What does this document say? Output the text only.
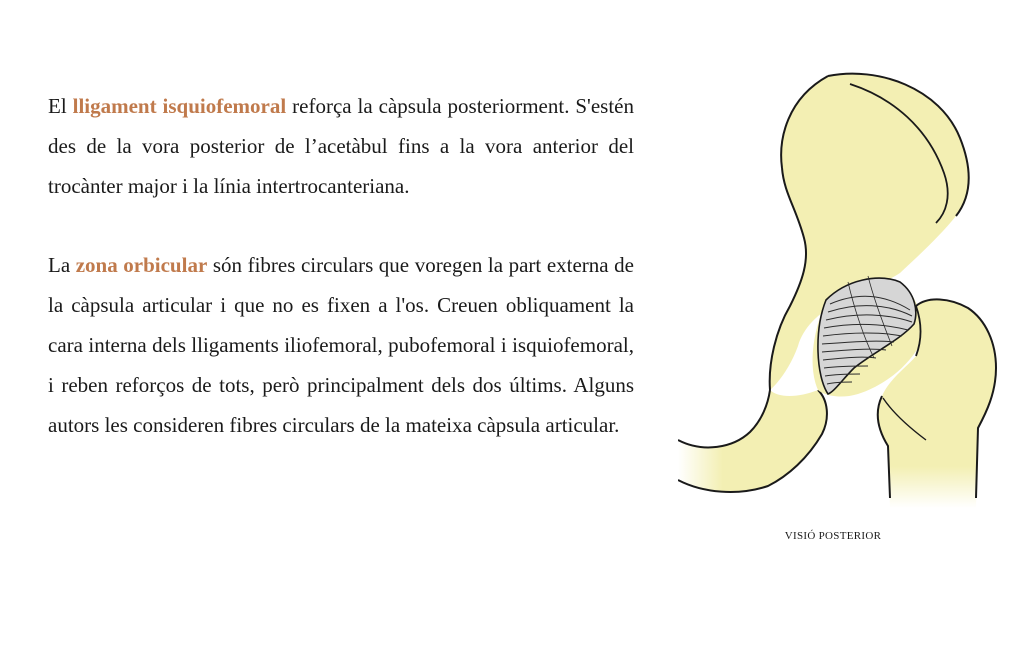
El lligament isquiofemoral reforça la càpsula posteriorment. S'estén des de la vora posterior de l’acetàbul fins a la vora anterior del trocànter major i la línia intertrocanteriana.

La zona orbicular són fibres circulars que voregen la part externa de la càpsula articular i que no es fixen a l'os. Creuen obliquament la cara interna dels lligaments iliofemoral, pubofemoral i isquiofemoral, i reben reforços de tots, però principalment dels dos últims. Alguns autors les consideren fibres circulars de la mateixa càpsula articular.

VISIÓ POSTERIOR
